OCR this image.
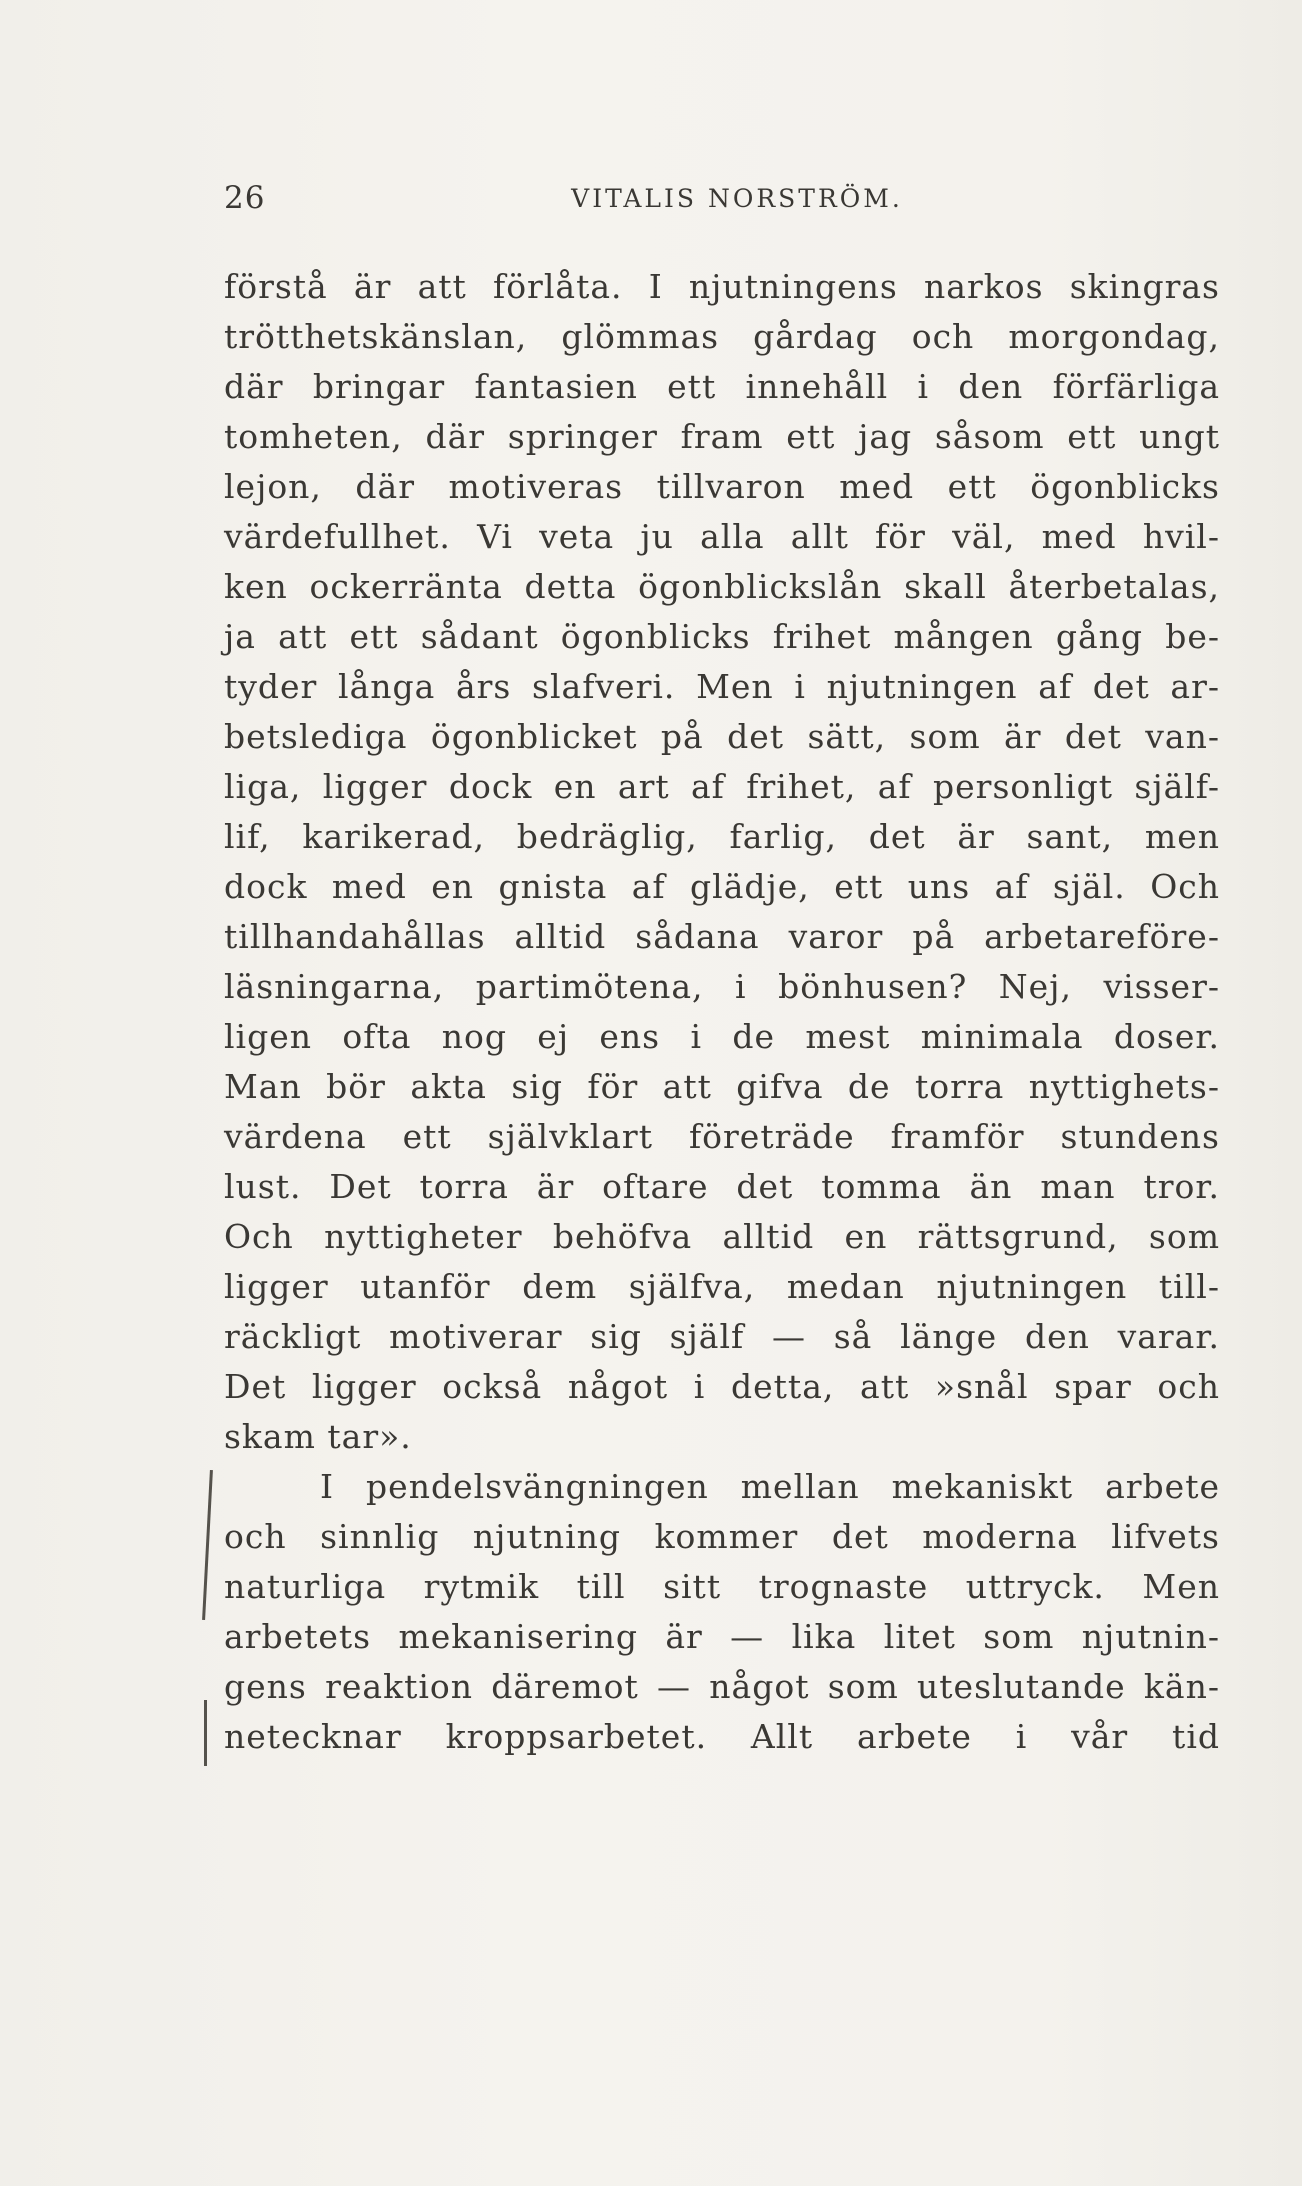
26	VITALIS NORSTRÖM.
förstå är att förlåta. I njutningens narkos skingras
trötthetskänslan, glömmas gårdag och morgondag,
där bringar fantasien ett innehåll i den förfärliga
tomheten, där springer fram ett jag såsom ett ungt
lejon, där motiveras tillvaron med ett ögonblicks
värdefullhet. Vi veta ju alla allt för väl, med hvil-
ken ockerränta detta ögonblickslån skall återbetalas,
ja att ett sådant ögonblicks frihet mången gång be-
tyder långa års slafveri. Men i njutningen af det ar-
betslediga ögonblicket på det sätt, som är det van-
liga, ligger dock en art af frihet, af personligt själf-
lif, karikerad, bedräglig, farlig, det är sant, men
dock med en gnista af glädje, ett uns af själ. Och
tillhandahållas alltid sådana varor på arbetareföre-
läsningarna, partimötena, i bönhusen? Nej, visser-
ligen ofta nog ej ens i de mest minimala doser.
Man bör akta sig för att gifva de torra nyttighets-
värdena ett självklart företräde framför stundens
lust. Det torra är oftare det tomma än man tror.
Och nyttigheter behöfva alltid en rättsgrund, som
ligger utanför dem själfva, medan njutningen till-
räckligt motiverar sig själf — så länge den varar.
Det ligger också något i detta, att »snål spar och
skam tar».
I pendelsvängningen mellan mekaniskt arbete
och sinnlig njutning kommer det moderna lifvets
naturliga rytmik till sitt trognaste uttryck. Men
arbetets mekanisering är — lika litet som njutnin-
gens reaktion däremot — något som uteslutande kän-
netecknar kroppsarbetet. Allt arbete i vår tid
